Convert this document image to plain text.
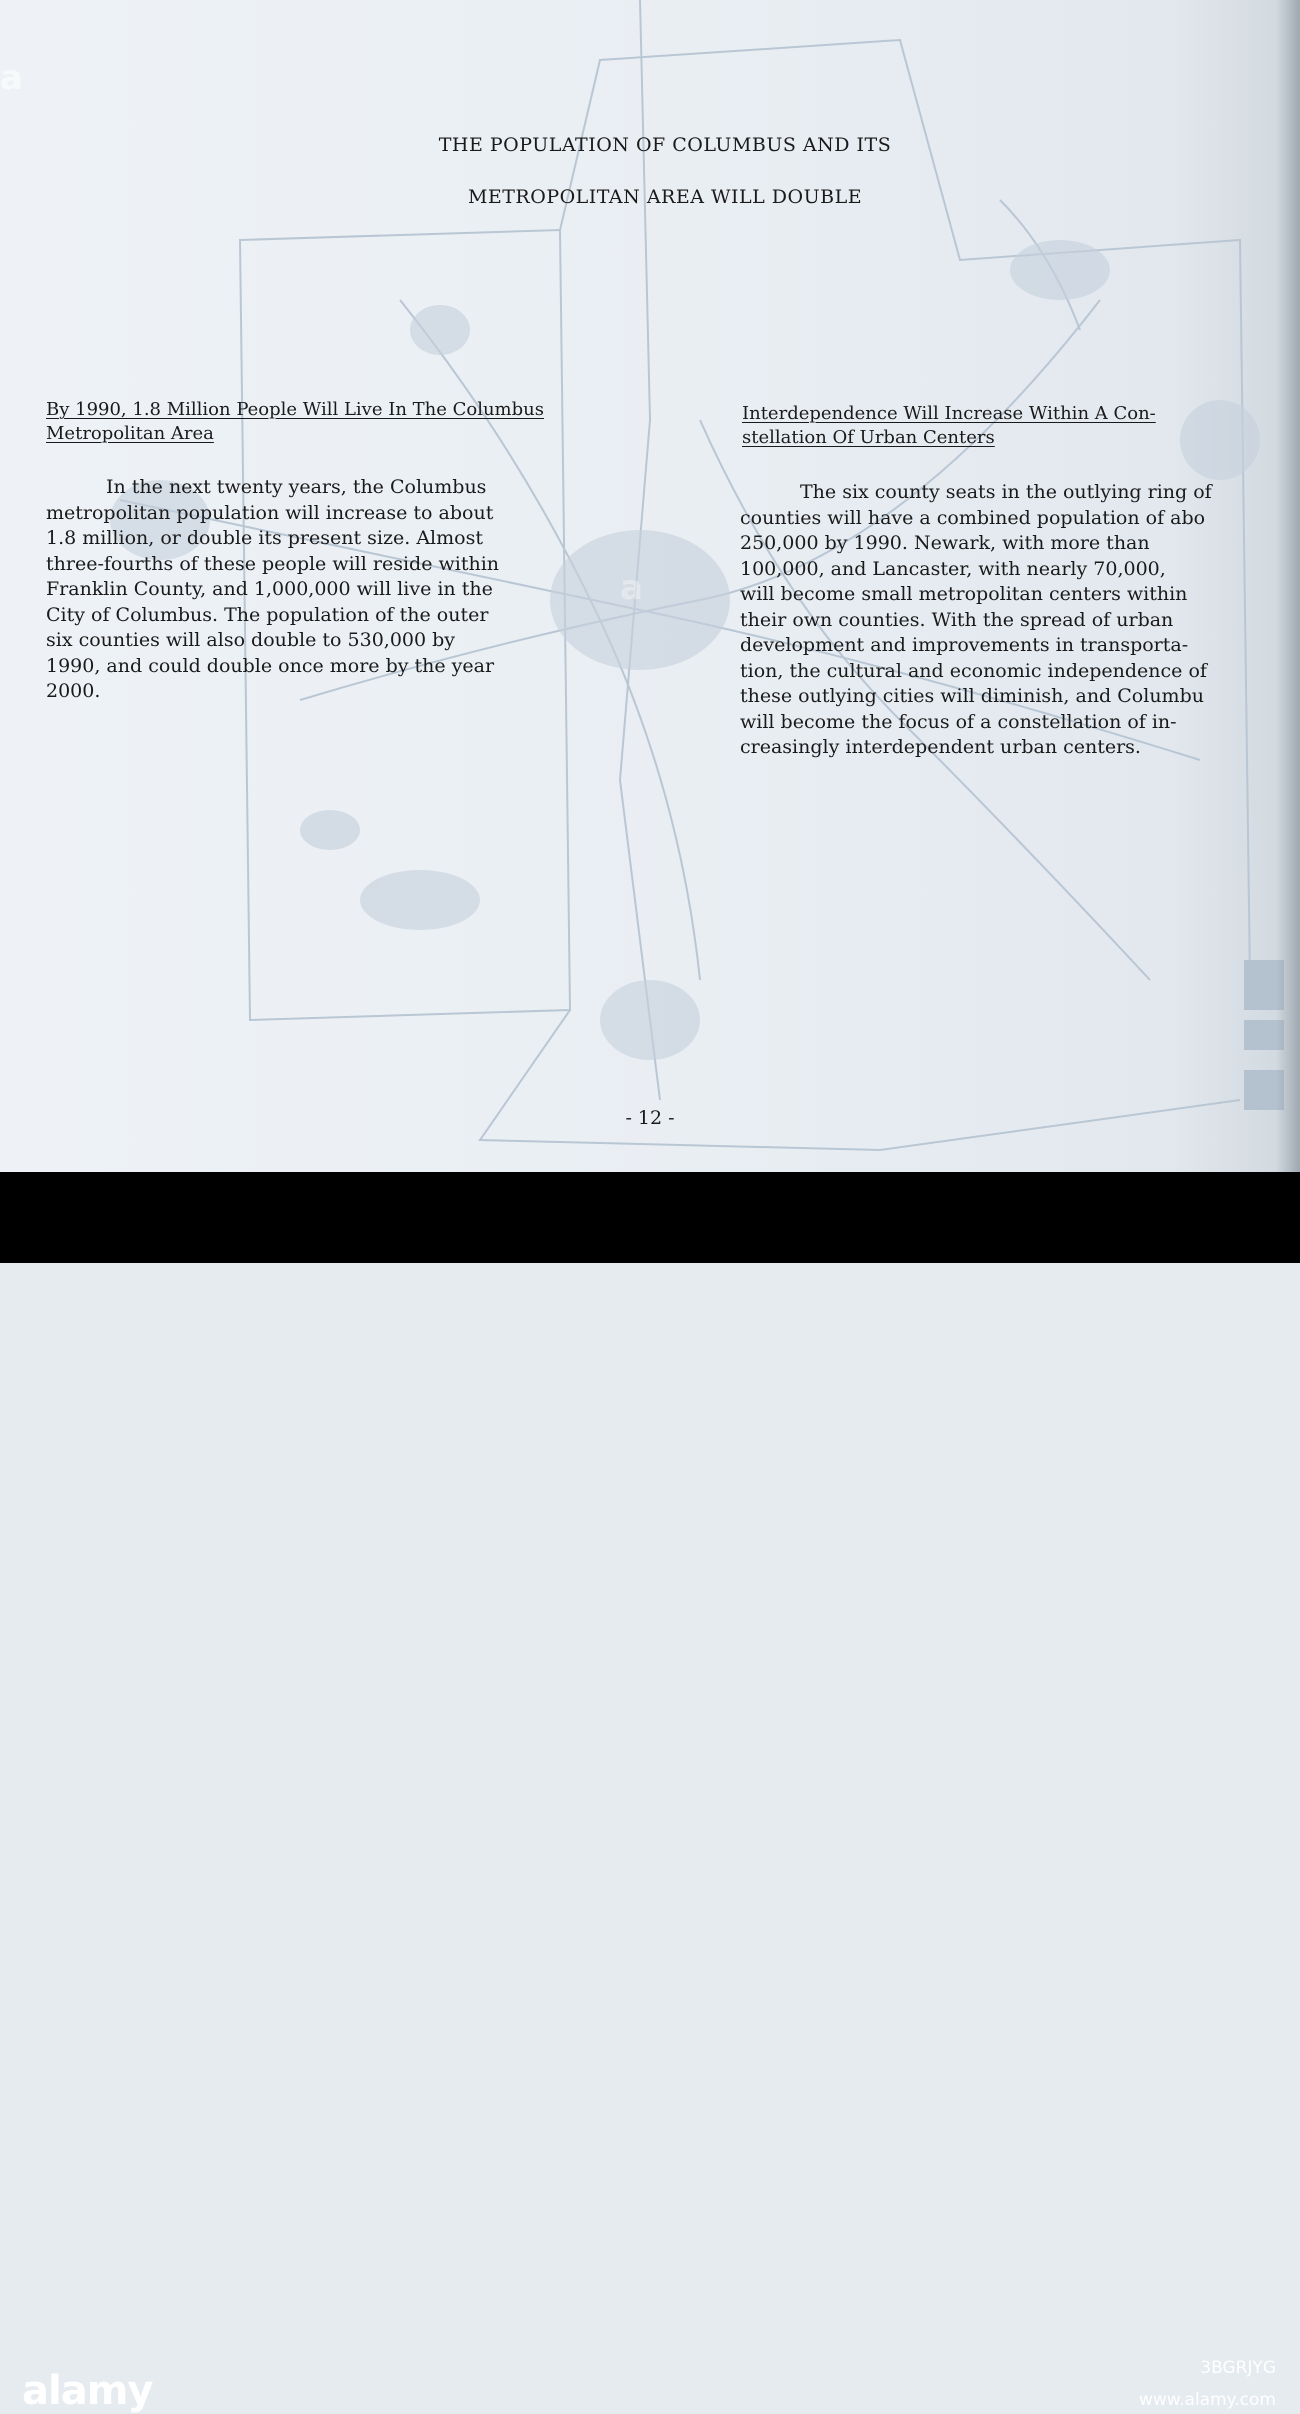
a
a
THE POPULATION OF COLUMBUS AND ITS
METROPOLITAN AREA WILL DOUBLE
By 1990, 1.8 Million People Will Live In The Columbus Metropolitan Area
In the next twenty years, the Columbus
metropolitan population will increase to about
1.8 million, or double its present size. Almost
three-fourths of these people will reside within
Franklin County, and 1,000,000 will live in the
City of Columbus. The population of the outer
six counties will also double to 530,000 by
1990, and could double once more by the year
2000.
Interdependence Will Increase Within A Con-
stellation Of Urban Centers
The six county seats in the outlying ring of
counties will have a combined population of abo
250,000 by 1990. Newark, with more than
100,000, and Lancaster, with nearly 70,000,
will become small metropolitan centers within
their own counties. With the spread of urban
development and improvements in transporta-
tion, the cultural and economic independence of
these outlying cities will diminish, and Columbu
will become the focus of a constellation of in-
creasingly interdependent urban centers.
- 12 -
alamy	3BGRJYG
www.alamy.com
